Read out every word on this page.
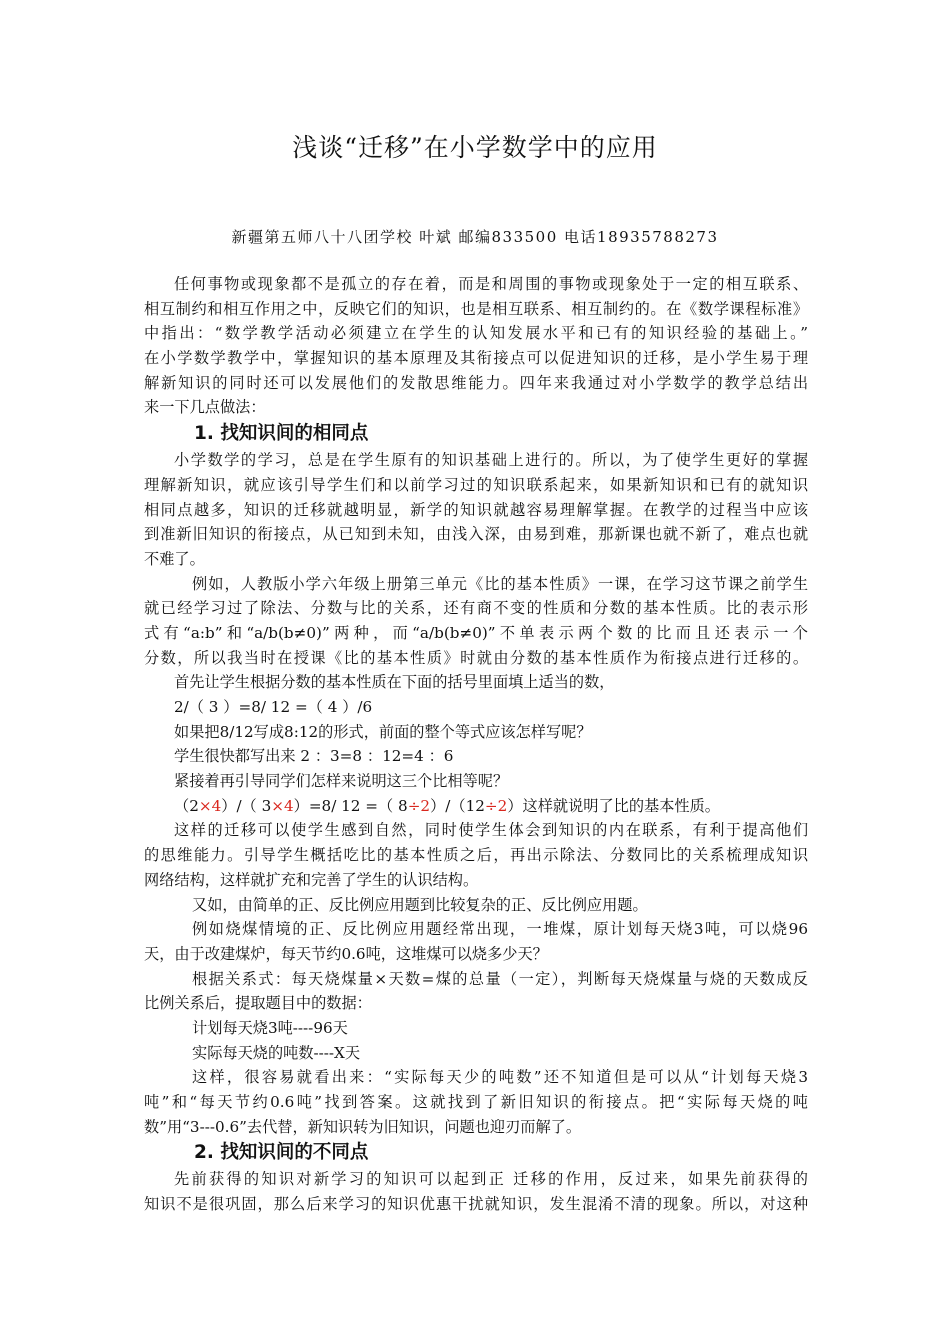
浅谈“迁移”在小学数学中的应用
新疆第五师八十八团学校 叶斌 邮编833500 电话18935788273
任何事物或现象都不是孤立的存在着，而是和周围的事物或现象处于一定的相互联系、
相互制约和相互作用之中，反映它们的知识，也是相互联系、相互制约的。在《数学课程标准》
中指出：“数学教学活动必须建立在学生的认知发展水平和已有的知识经验的基础上。”
在小学数学教学中，掌握知识的基本原理及其衔接点可以促进知识的迁移，是小学生易于理
解新知识的同时还可以发展他们的发散思维能力。四年来我通过对小学数学的教学总结出
来一下几点做法：
1. 找知识间的相同点
小学数学的学习，总是在学生原有的知识基础上进行的。所以，为了使学生更好的掌握
理解新知识，就应该引导学生们和以前学习过的知识联系起来，如果新知识和已有的就知识
相同点越多，知识的迁移就越明显，新学的知识就越容易理解掌握。在教学的过程当中应该
到准新旧知识的衔接点，从已知到未知，由浅入深，由易到难，那新课也就不新了，难点也就
不难了。
例如，人教版小学六年级上册第三单元《比的基本性质》一课，在学习这节课之前学生
就已经学习过了除法、分数与比的关系，还有商不变的性质和分数的基本性质。比的表示形
式有“a:b”和“a/b(b≠0)”两种，而“a/b(b≠0)”不单表示两个数的比而且还表示一个
分数，所以我当时在授课《比的基本性质》时就由分数的基本性质作为衔接点进行迁移的。
首先让学生根据分数的基本性质在下面的括号里面填上适当的数，
2/（ 3 ）=8/ 12 =（ 4 ）/6
如果把8/12写成8:12的形式，前面的整个等式应该怎样写呢？
学生很快都写出来 2 ：3=8 ：12=4 ：6
紧接着再引导同学们怎样来说明这三个比相等呢？
（2×4）/（ 3×4）=8/ 12 =（ 8÷2）/（12÷2）这样就说明了比的基本性质。
这样的迁移可以使学生感到自然，同时使学生体会到知识的内在联系，有利于提高他们
的思维能力。引导学生概括吃比的基本性质之后，再出示除法、分数同比的关系梳理成知识
网络结构，这样就扩充和完善了学生的认识结构。
又如，由简单的正、反比例应用题到比较复杂的正、反比例应用题。
例如烧煤情境的正、反比例应用题经常出现，一堆煤，原计划每天烧3吨，可以烧96
天，由于改建煤炉，每天节约0.6吨，这堆煤可以烧多少天？
根据关系式：每天烧煤量×天数=煤的总量（一定），判断每天烧煤量与烧的天数成反
比例关系后，提取题目中的数据：
计划每天烧3吨----96天
实际每天烧的吨数----X天
这样，很容易就看出来：“实际每天少的吨数”还不知道但是可以从“计划每天烧3
吨”和“每天节约0.6吨”找到答案。这就找到了新旧知识的衔接点。把“实际每天烧的吨
数”用“3---0.6”去代替，新知识转为旧知识，问题也迎刃而解了。
2. 找知识间的不同点
先前获得的知识对新学习的知识可以起到正 迁移的作用，反过来，如果先前获得的
知识不是很巩固，那么后来学习的知识优惠干扰就知识，发生混淆不清的现象。所以，对这种
